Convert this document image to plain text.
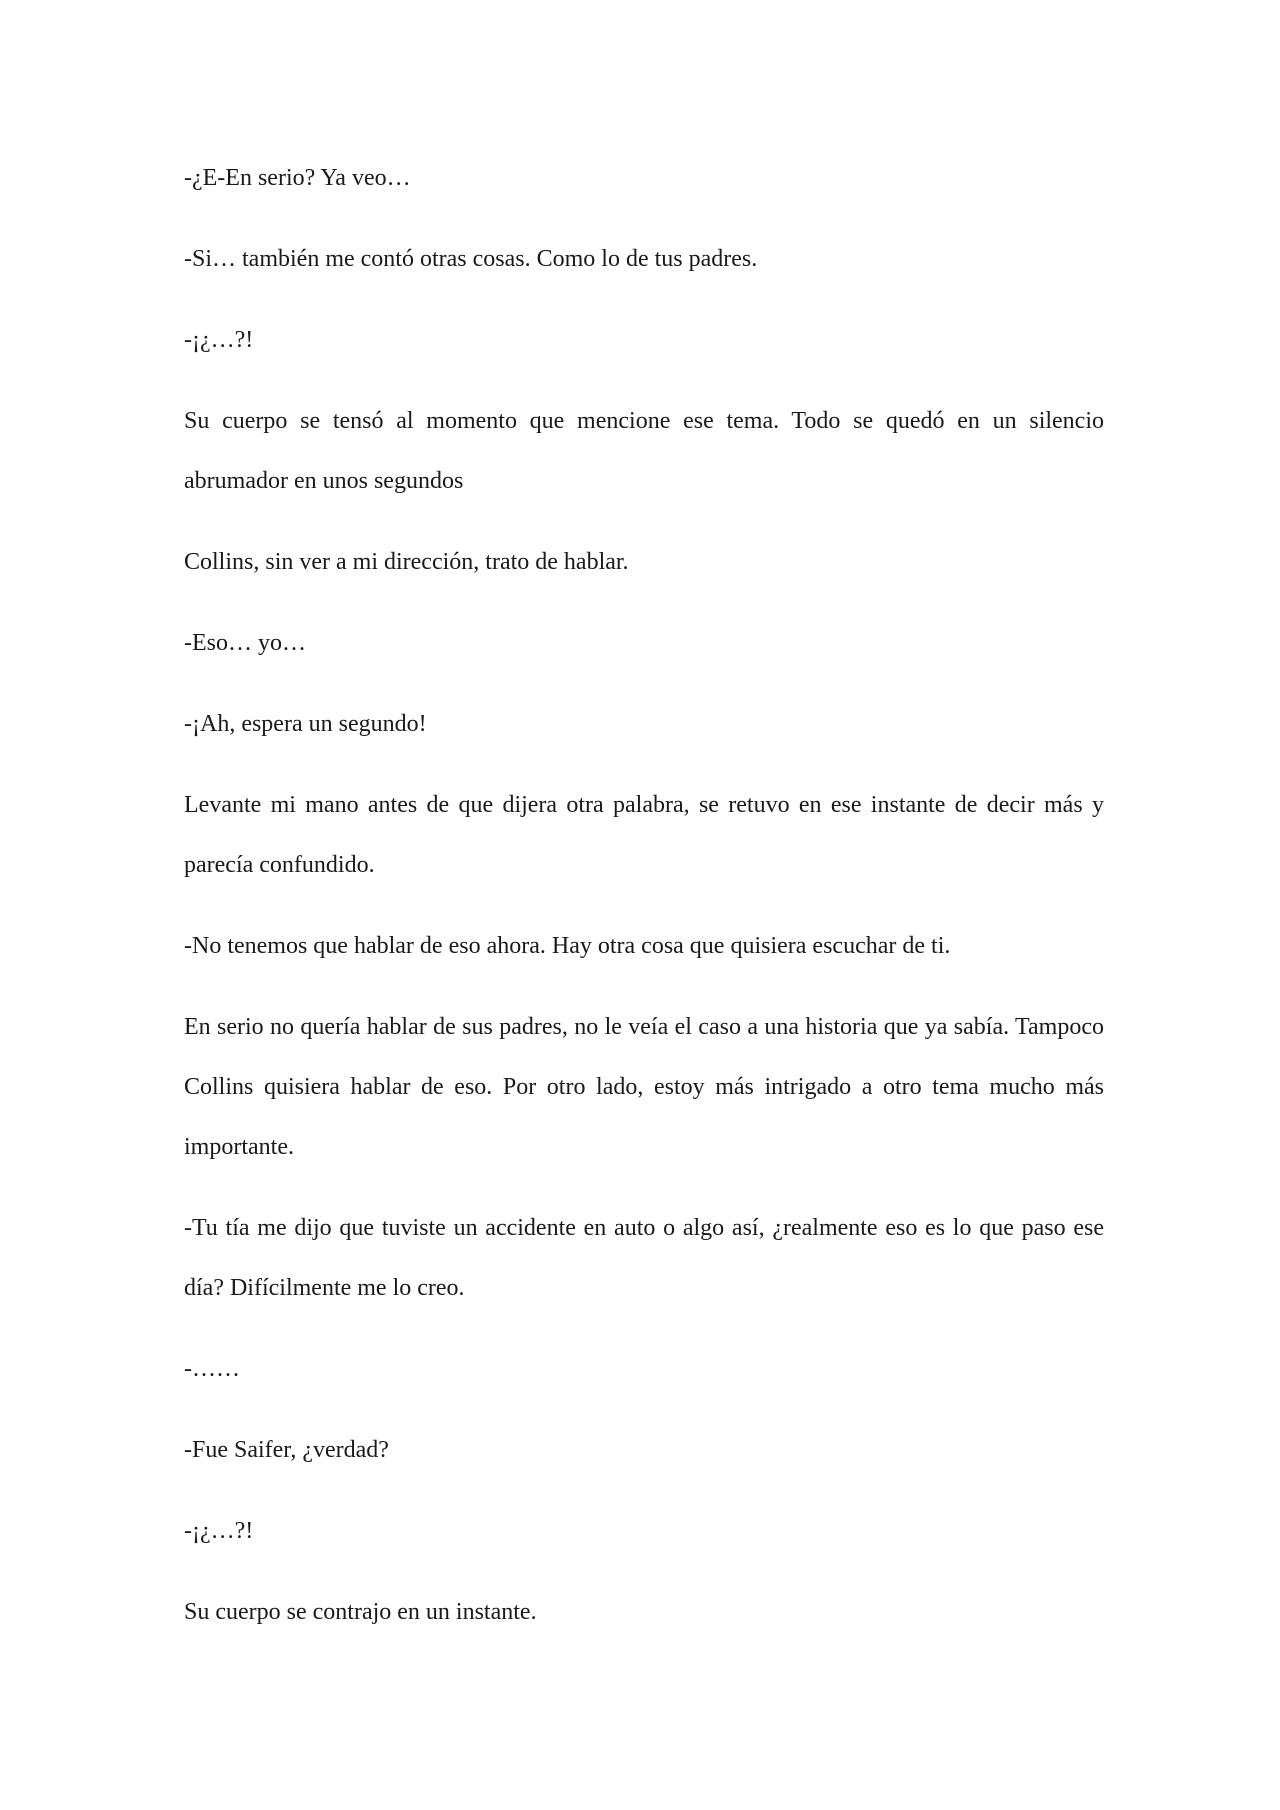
-¿E-En serio? Ya veo…

-Si… también me contó otras cosas. Como lo de tus padres.

-¡¿…?!

Su cuerpo se tensó al momento que mencione ese tema. Todo se quedó en un silencio abrumador en unos segundos

Collins, sin ver a mi dirección, trato de hablar.

-Eso… yo…

-¡Ah, espera un segundo!

Levante mi mano antes de que dijera otra palabra, se retuvo en ese instante de decir más y parecía confundido.

-No tenemos que hablar de eso ahora. Hay otra cosa que quisiera escuchar de ti.

En serio no quería hablar de sus padres, no le veía el caso a una historia que ya sabía. Tampoco Collins quisiera hablar de eso. Por otro lado, estoy más intrigado a otro tema mucho más importante.

-Tu tía me dijo que tuviste un accidente en auto o algo así, ¿realmente eso es lo que paso ese día? Difícilmente me lo creo.

-……

-Fue Saifer, ¿verdad?

-¡¿…?!

Su cuerpo se contrajo en un instante.
